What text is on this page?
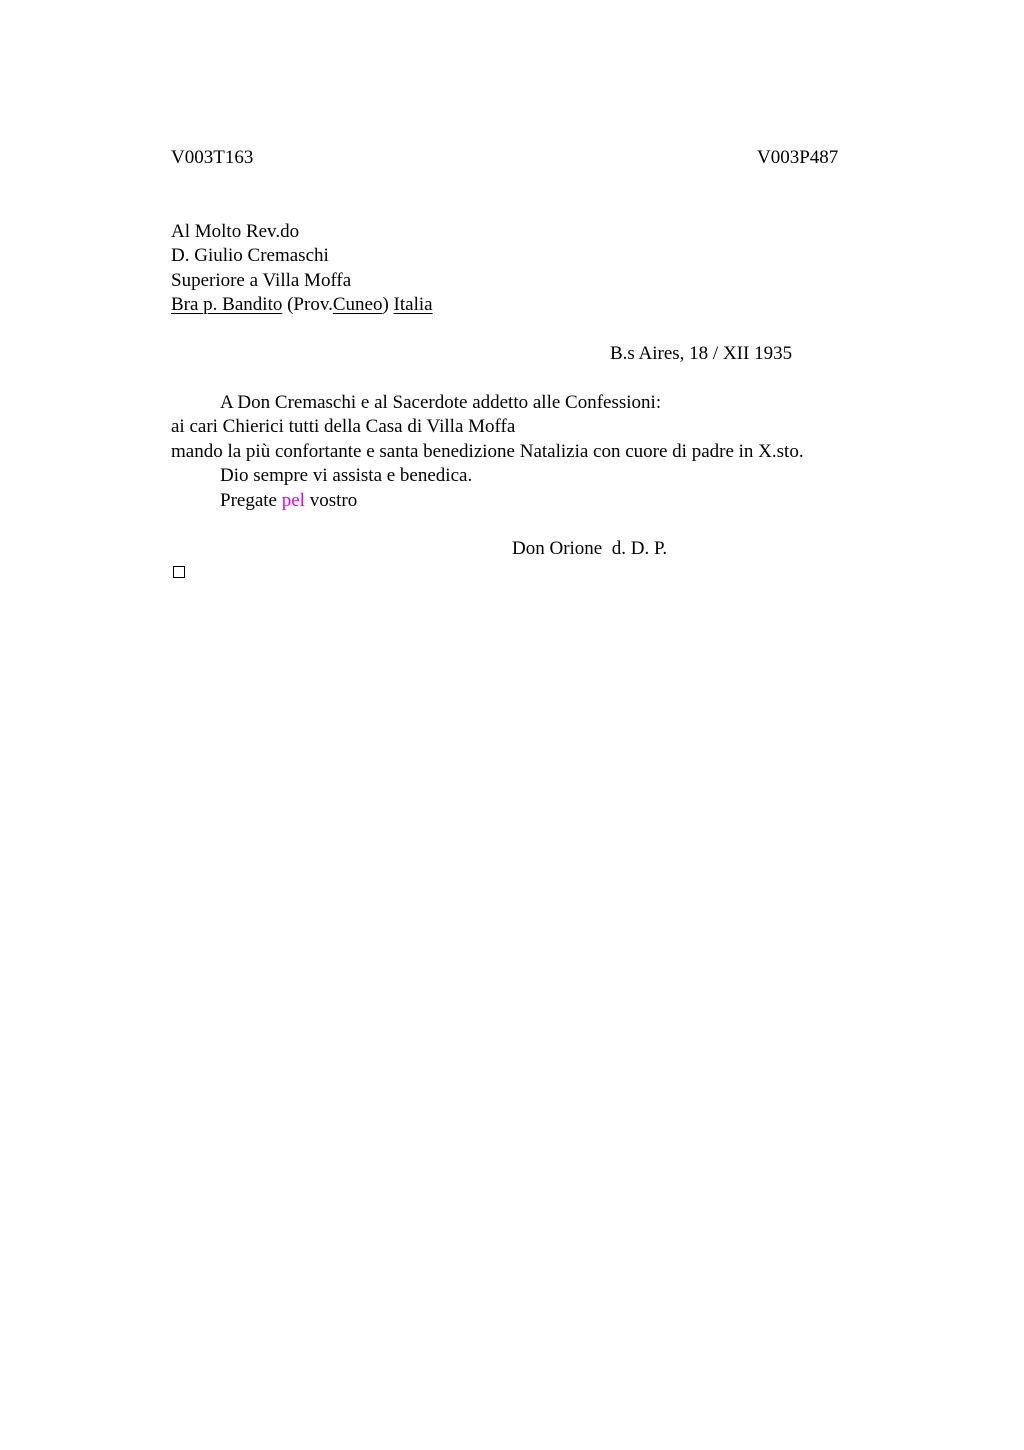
V003T163	V003P487
Al Molto Rev.do
D. Giulio Cremaschi
Superiore a Villa Moffa
Bra p. Bandito (Prov.Cuneo) Italia
B.s Aires, 18 / XII 1935
A Don Cremaschi e al Sacerdote addetto alle Confessioni:
ai cari Chierici tutti della Casa di Villa Moffa
mando la più confortante e santa benedizione Natalizia con cuore di padre in X.sto.
Dio sempre vi assista e benedica.
Pregate pel vostro
Don Orione  d. D. P.
